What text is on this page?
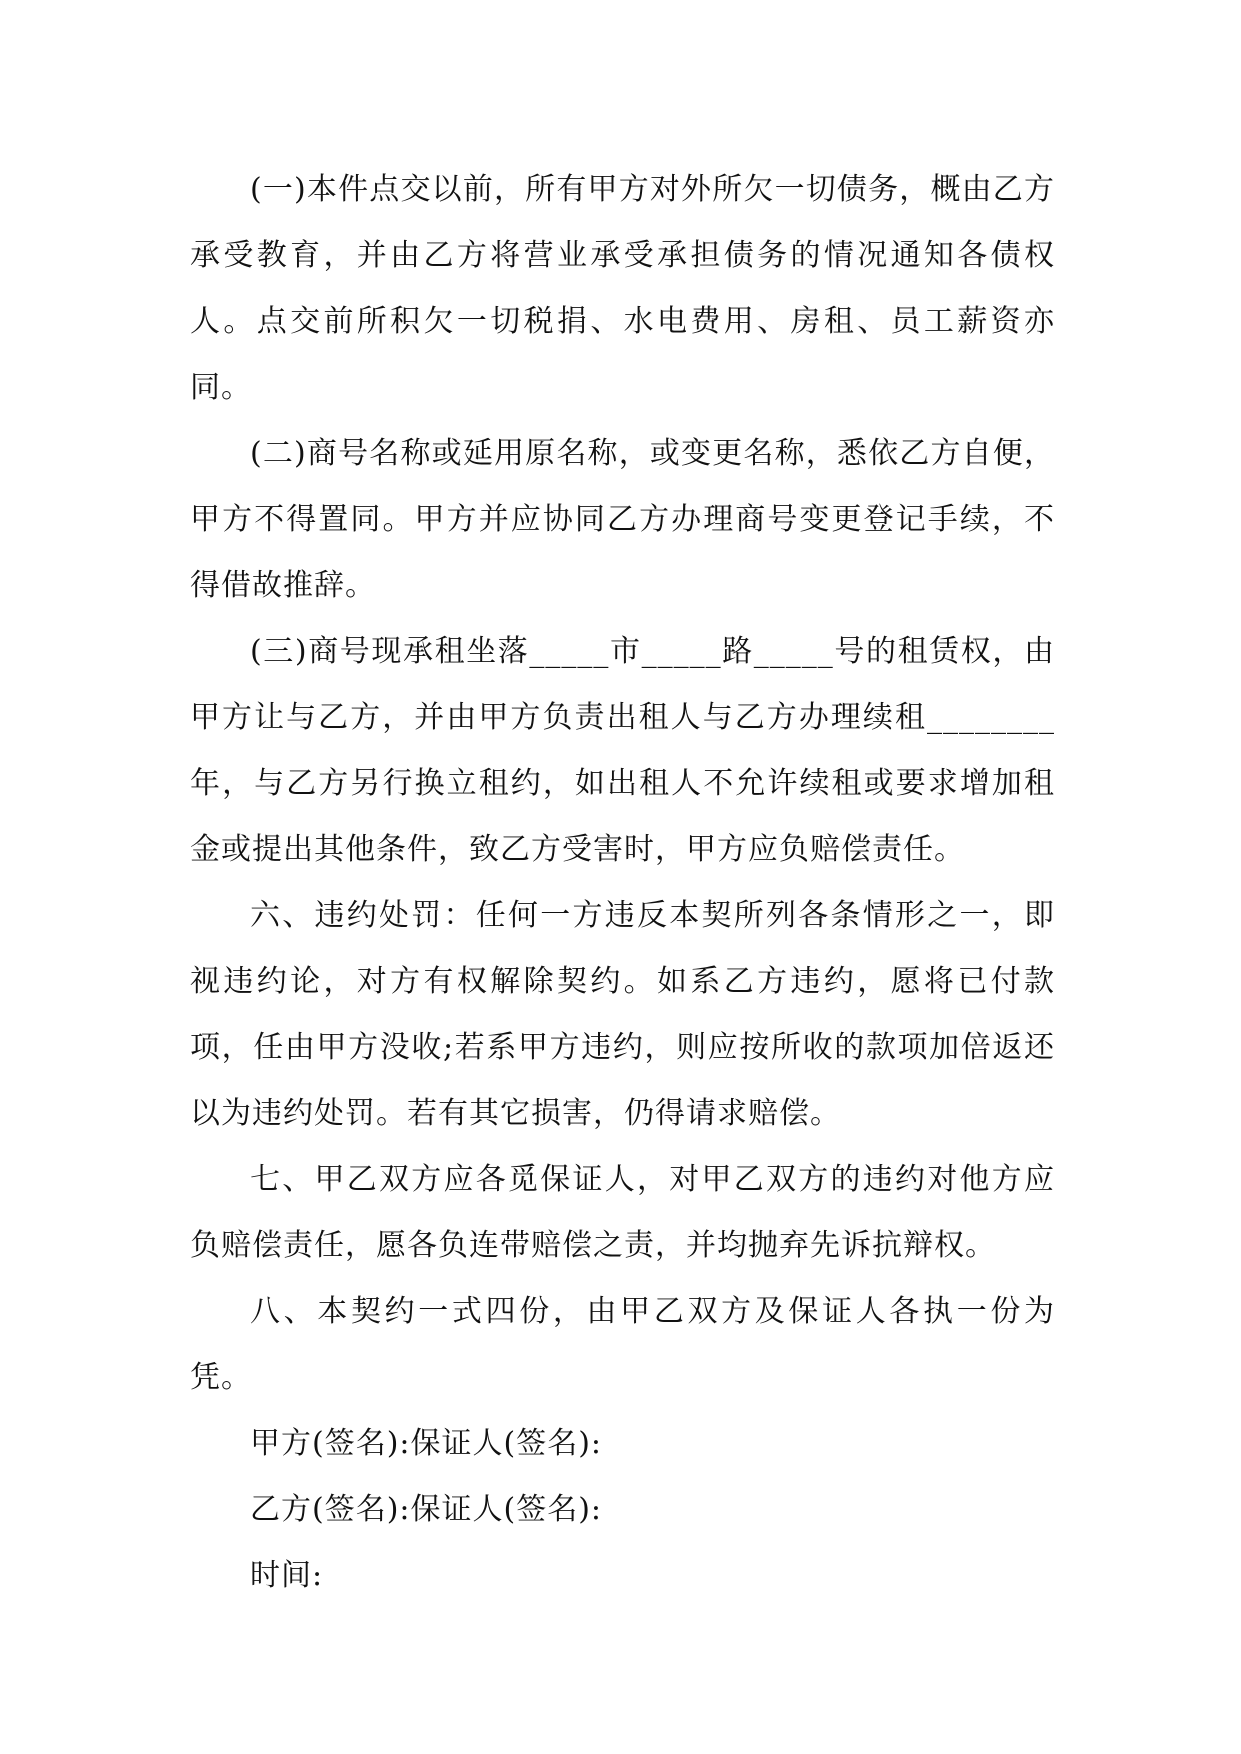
(一)本件点交以前，所有甲方对外所欠一切债务，概由乙方承受教育，并由乙方将营业承受承担债务的情况通知各债权人。点交前所积欠一切税捐、水电费用、房租、员工薪资亦同。

(二)商号名称或延用原名称，或变更名称，悉依乙方自便，甲方不得置同。甲方并应协同乙方办理商号变更登记手续，不得借故推辞。

(三)商号现承租坐落_____市_____路_____号的租赁权，由甲方让与乙方，并由甲方负责出租人与乙方办理续租________年，与乙方另行换立租约，如出租人不允许续租或要求增加租金或提出其他条件，致乙方受害时，甲方应负赔偿责任。

六、违约处罚：任何一方违反本契所列各条情形之一，即视违约论，对方有权解除契约。如系乙方违约，愿将已付款项，任由甲方没收;若系甲方违约，则应按所收的款项加倍返还以为违约处罚。若有其它损害，仍得请求赔偿。

七、甲乙双方应各觅保证人，对甲乙双方的违约对他方应负赔偿责任，愿各负连带赔偿之责，并均抛弃先诉抗辩权。

八、本契约一式四份，由甲乙双方及保证人各执一份为凭。

甲方(签名):保证人(签名):

乙方(签名):保证人(签名):

时间:
